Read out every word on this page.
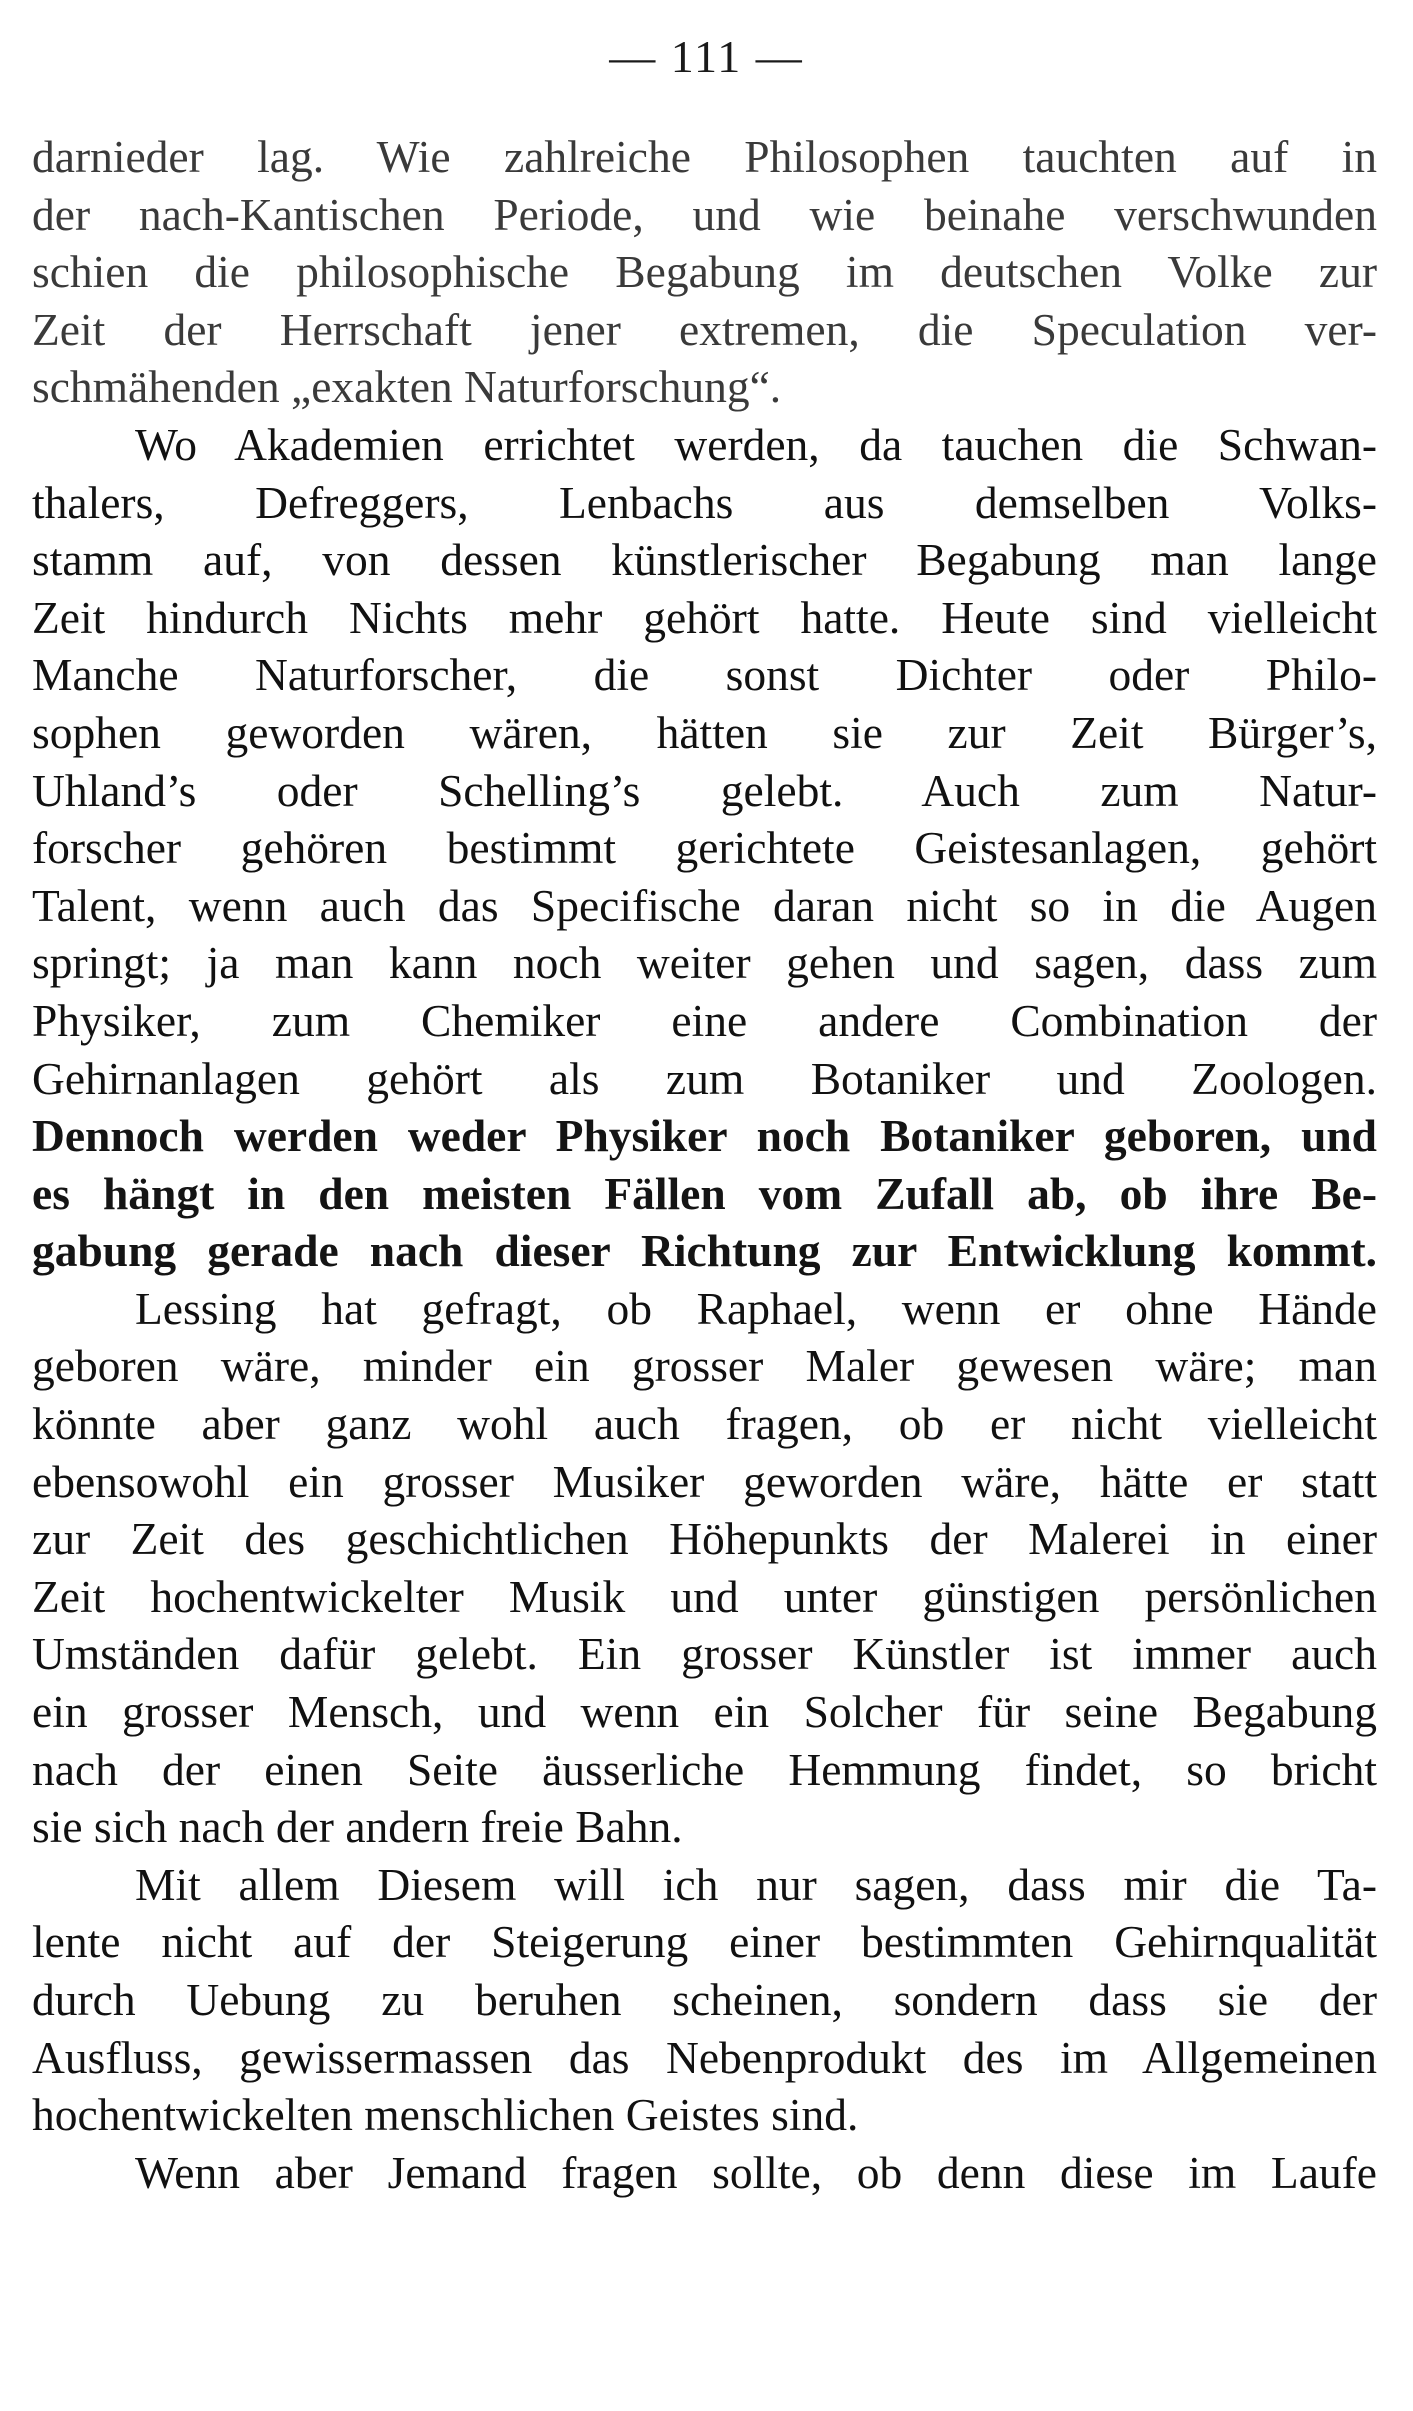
— 111 —
darnieder lag. Wie zahlreiche Philosophen tauchten auf in
der nach-Kantischen Periode, und wie beinahe verschwunden
schien die philosophische Begabung im deutschen Volke zur
Zeit der Herrschaft jener extremen, die Speculation ver-
schmähenden „exakten Naturforschung“.
Wo Akademien errichtet werden, da tauchen die Schwan-
thalers, Defreggers, Lenbachs aus demselben Volks-
stamm auf, von dessen künstlerischer Begabung man lange
Zeit hindurch Nichts mehr gehört hatte. Heute sind vielleicht
Manche Naturforscher, die sonst Dichter oder Philo-
sophen geworden wären, hätten sie zur Zeit Bürger’s,
Uhland’s oder Schelling’s gelebt. Auch zum Natur-
forscher gehören bestimmt gerichtete Geistesanlagen, gehört
Talent, wenn auch das Specifische daran nicht so in die Augen
springt; ja man kann noch weiter gehen und sagen, dass zum
Physiker, zum Chemiker eine andere Combination der
Gehirnanlagen gehört als zum Botaniker und Zoologen.
Dennoch werden weder Physiker noch Botaniker geboren, und
es hängt in den meisten Fällen vom Zufall ab, ob ihre Be-
gabung gerade nach dieser Richtung zur Entwicklung kommt.
Lessing hat gefragt, ob Raphael, wenn er ohne Hände
geboren wäre, minder ein grosser Maler gewesen wäre; man
könnte aber ganz wohl auch fragen, ob er nicht vielleicht
ebensowohl ein grosser Musiker geworden wäre, hätte er statt
zur Zeit des geschichtlichen Höhepunkts der Malerei in einer
Zeit hochentwickelter Musik und unter günstigen persönlichen
Umständen dafür gelebt. Ein grosser Künstler ist immer auch
ein grosser Mensch, und wenn ein Solcher für seine Begabung
nach der einen Seite äusserliche Hemmung findet, so bricht
sie sich nach der andern freie Bahn.
Mit allem Diesem will ich nur sagen, dass mir die Ta-
lente nicht auf der Steigerung einer bestimmten Gehirnqualität
durch Uebung zu beruhen scheinen, sondern dass sie der
Ausfluss, gewissermassen das Nebenprodukt des im Allgemeinen
hochentwickelten menschlichen Geistes sind.
Wenn aber Jemand fragen sollte, ob denn diese im Laufe
